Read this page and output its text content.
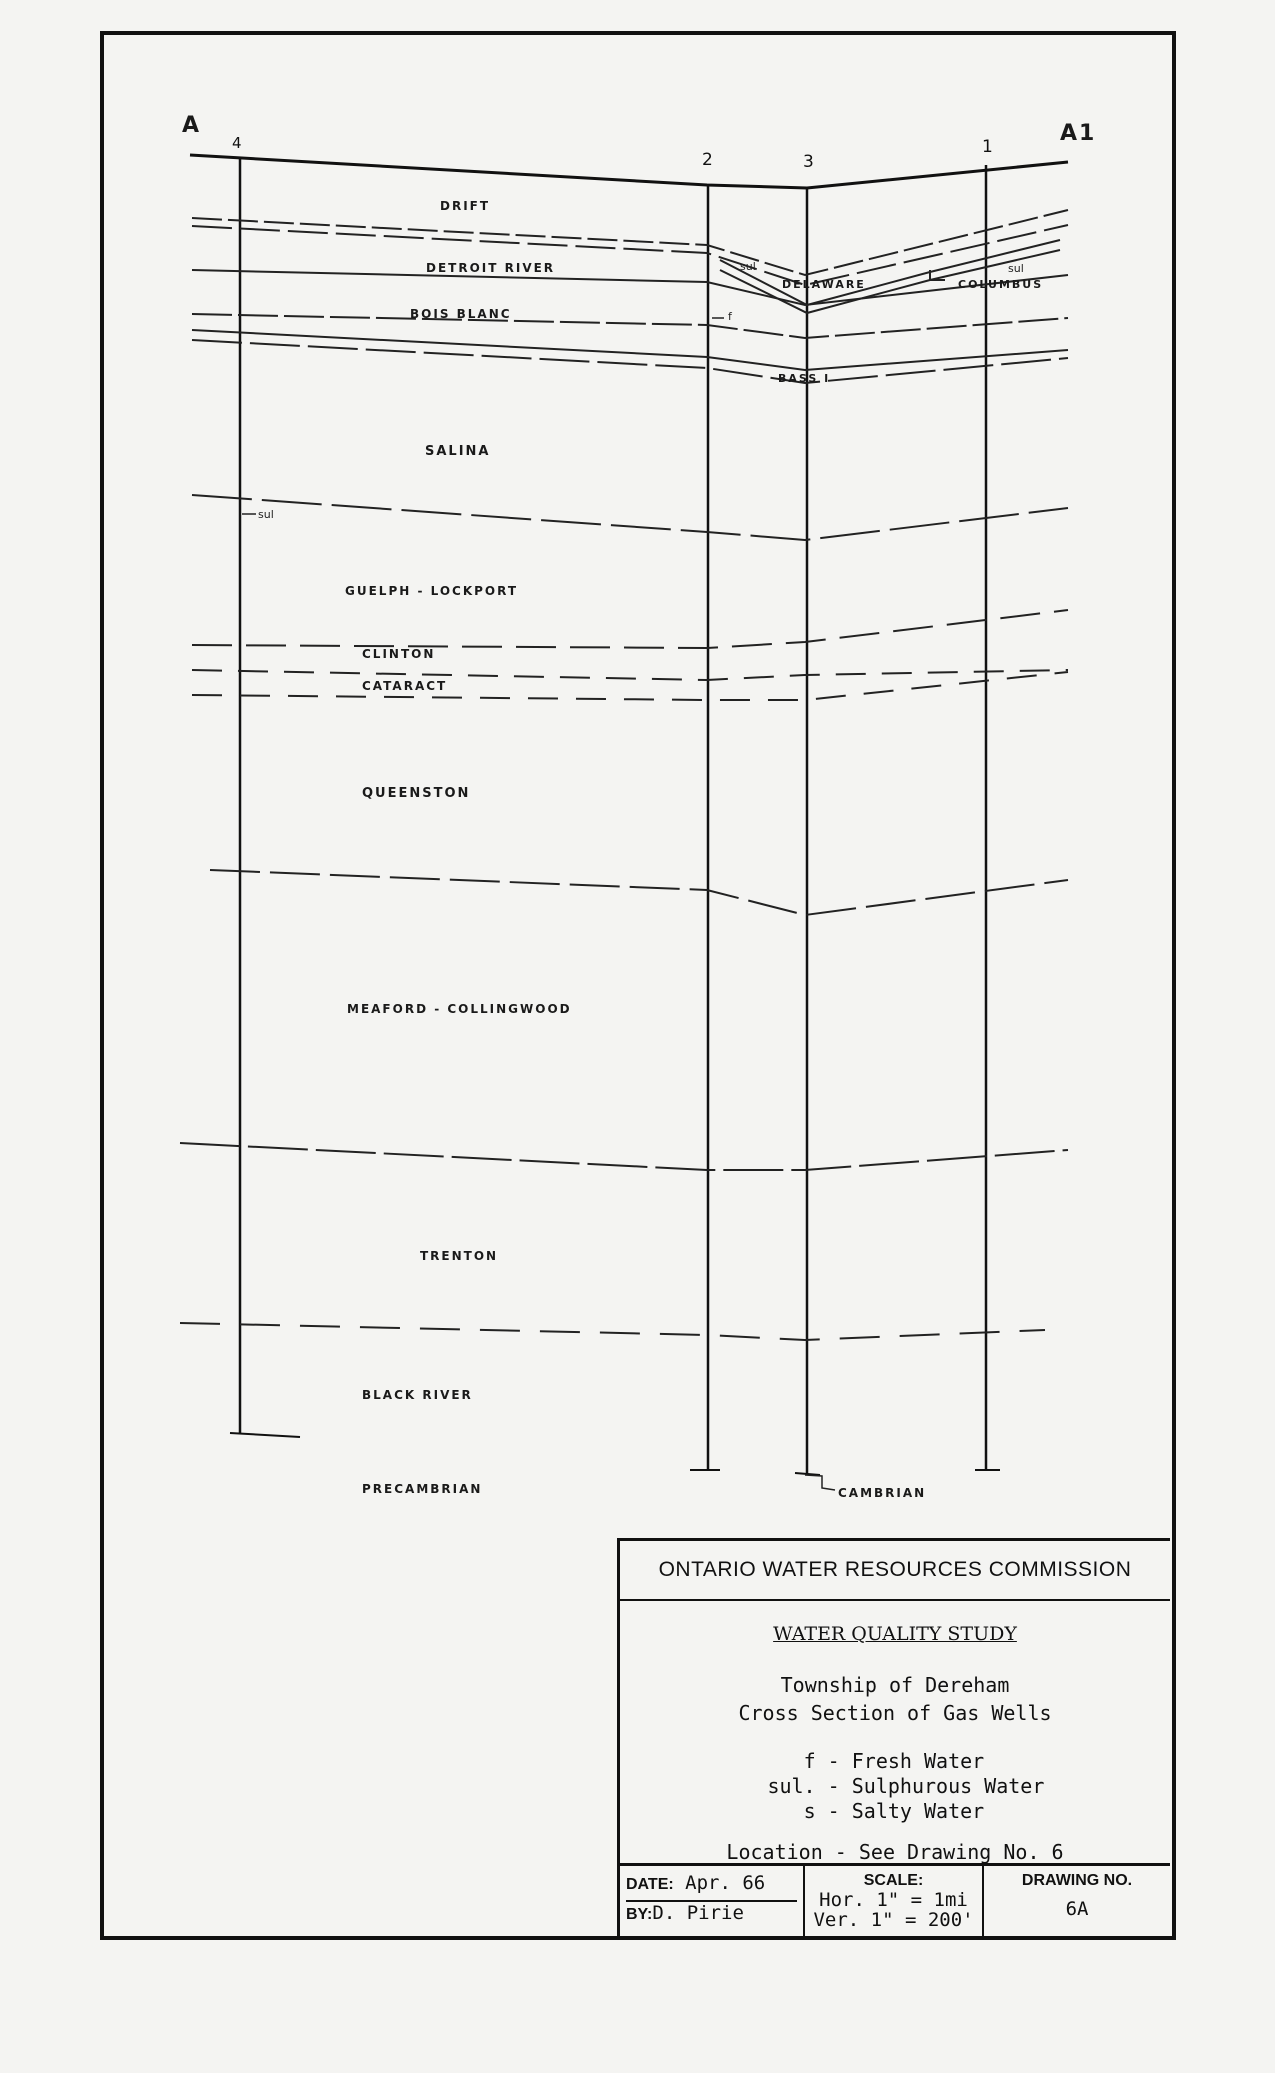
A	A1
4
2	3
1
DRIFT
DETROIT RIVER
BOIS BLANC
SALINA
GUELPH - LOCKPORT
CLINTON
CATARACT
QUEENSTON
MEAFORD - COLLINGWOOD
TRENTON
BLACK RIVER
PRECAMBRIAN
DELAWARE	COLUMBUS
BASS I
CAMBRIAN
sul
sul	sul
f
ONTARIO WATER RESOURCES COMMISSION
WATER QUALITY STUDY
Township of Dereham
Cross Section of Gas Wells
f - Fresh Water
sul. - Sulphurous Water
s - Salty Water
Location - See Drawing No. 6
DATE: Apr. 66
BY:D. Pirie
SCALE:
Hor. 1" = 1mi
Ver. 1" = 200'
DRAWING NO.
6A
